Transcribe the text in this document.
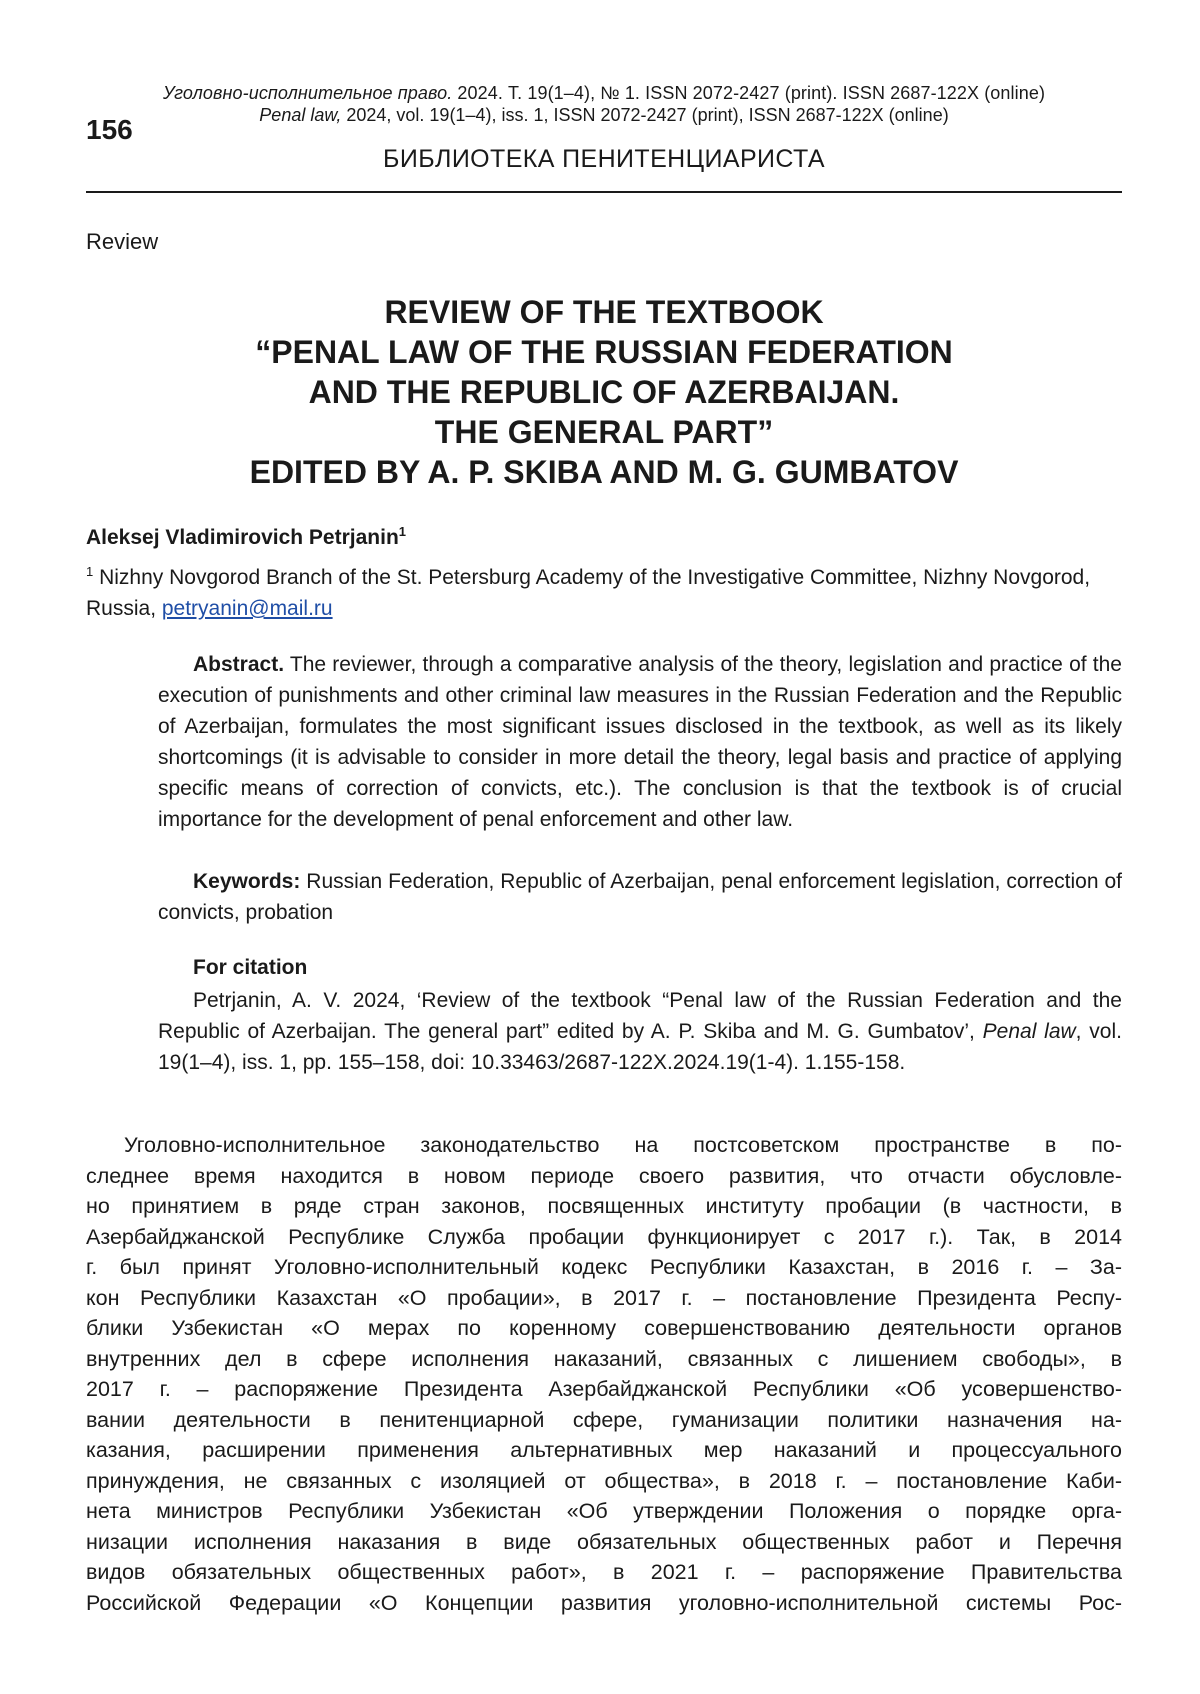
Уголовно-исполнительное право. 2024. Т. 19(1–4), № 1. ISSN 2072-2427 (print). ISSN 2687-122X (online)
Penal law, 2024, vol. 19(1–4), iss. 1, ISSN 2072-2427 (print), ISSN 2687-122X (online)
156
БИБЛИОТЕКА ПЕНИТЕНЦИАРИСТА
Review
REVIEW OF THE TEXTBOOK
“PENAL LAW OF THE RUSSIAN FEDERATION
AND THE REPUBLIC OF AZERBAIJAN.
THE GENERAL PART”
EDITED BY A. P. SKIBA AND M. G. GUMBATOV
Aleksej Vladimirovich Petrjanin1
1 Nizhny Novgorod Branch of the St. Petersburg Academy of the Investigative Committee, Nizhny Novgorod, Russia, petryanin@mail.ru
Abstract. The reviewer, through a comparative analysis of the theory, legislation and practice of the execution of punishments and other criminal law measures in the Russian Federation and the Republic of Azerbaijan, formulates the most significant issues disclosed in the textbook, as well as its likely shortcomings (it is advisable to consider in more detail the theory, legal basis and practice of applying specific means of correction of convicts, etc.). The conclusion is that the textbook is of crucial importance for the development of penal enforcement and other law.
Keywords: Russian Federation, Republic of Azerbaijan, penal enforcement legislation, correction of convicts, probation
For citation
Petrjanin, A. V. 2024, ‘Review of the textbook “Penal law of the Russian Federation and the Republic of Azerbaijan. The general part” edited by A. P. Skiba and M. G. Gumbatov’, Penal law, vol. 19(1–4), iss. 1, pp. 155–158, doi: 10.33463/2687-122X.2024.19(1-4). 1.155-158.
Уголовно-исполнительное законодательство на постсоветском пространстве в по-
следнее время находится в новом периоде своего развития, что отчасти обусловле-
но принятием в ряде стран законов, посвященных институту пробации (в частности, в
Азербайджанской Республике Служба пробации функционирует с 2017 г.). Так, в 2014
г. был принят Уголовно-исполнительный кодекс Республики Казахстан, в 2016 г. – За-
кон Республики Казахстан «О пробации», в 2017 г. – постановление Президента Респу-
блики Узбекистан «О мерах по коренному совершенствованию деятельности органов
внутренних дел в сфере исполнения наказаний, связанных с лишением свободы», в
2017 г. – распоряжение Президента Азербайджанской Республики «Об усовершенство-
вании деятельности в пенитенциарной сфере, гуманизации политики назначения на-
казания, расширении применения альтернативных мер наказаний и процессуального
принуждения, не связанных с изоляцией от общества», в 2018 г. – постановление Каби-
нета министров Республики Узбекистан «Об утверждении Положения о порядке орга-
низации исполнения наказания в виде обязательных общественных работ и Перечня
видов обязательных общественных работ», в 2021 г. – распоряжение Правительства
Российской Федерации «О Концепции развития уголовно-исполнительной системы Рос-
